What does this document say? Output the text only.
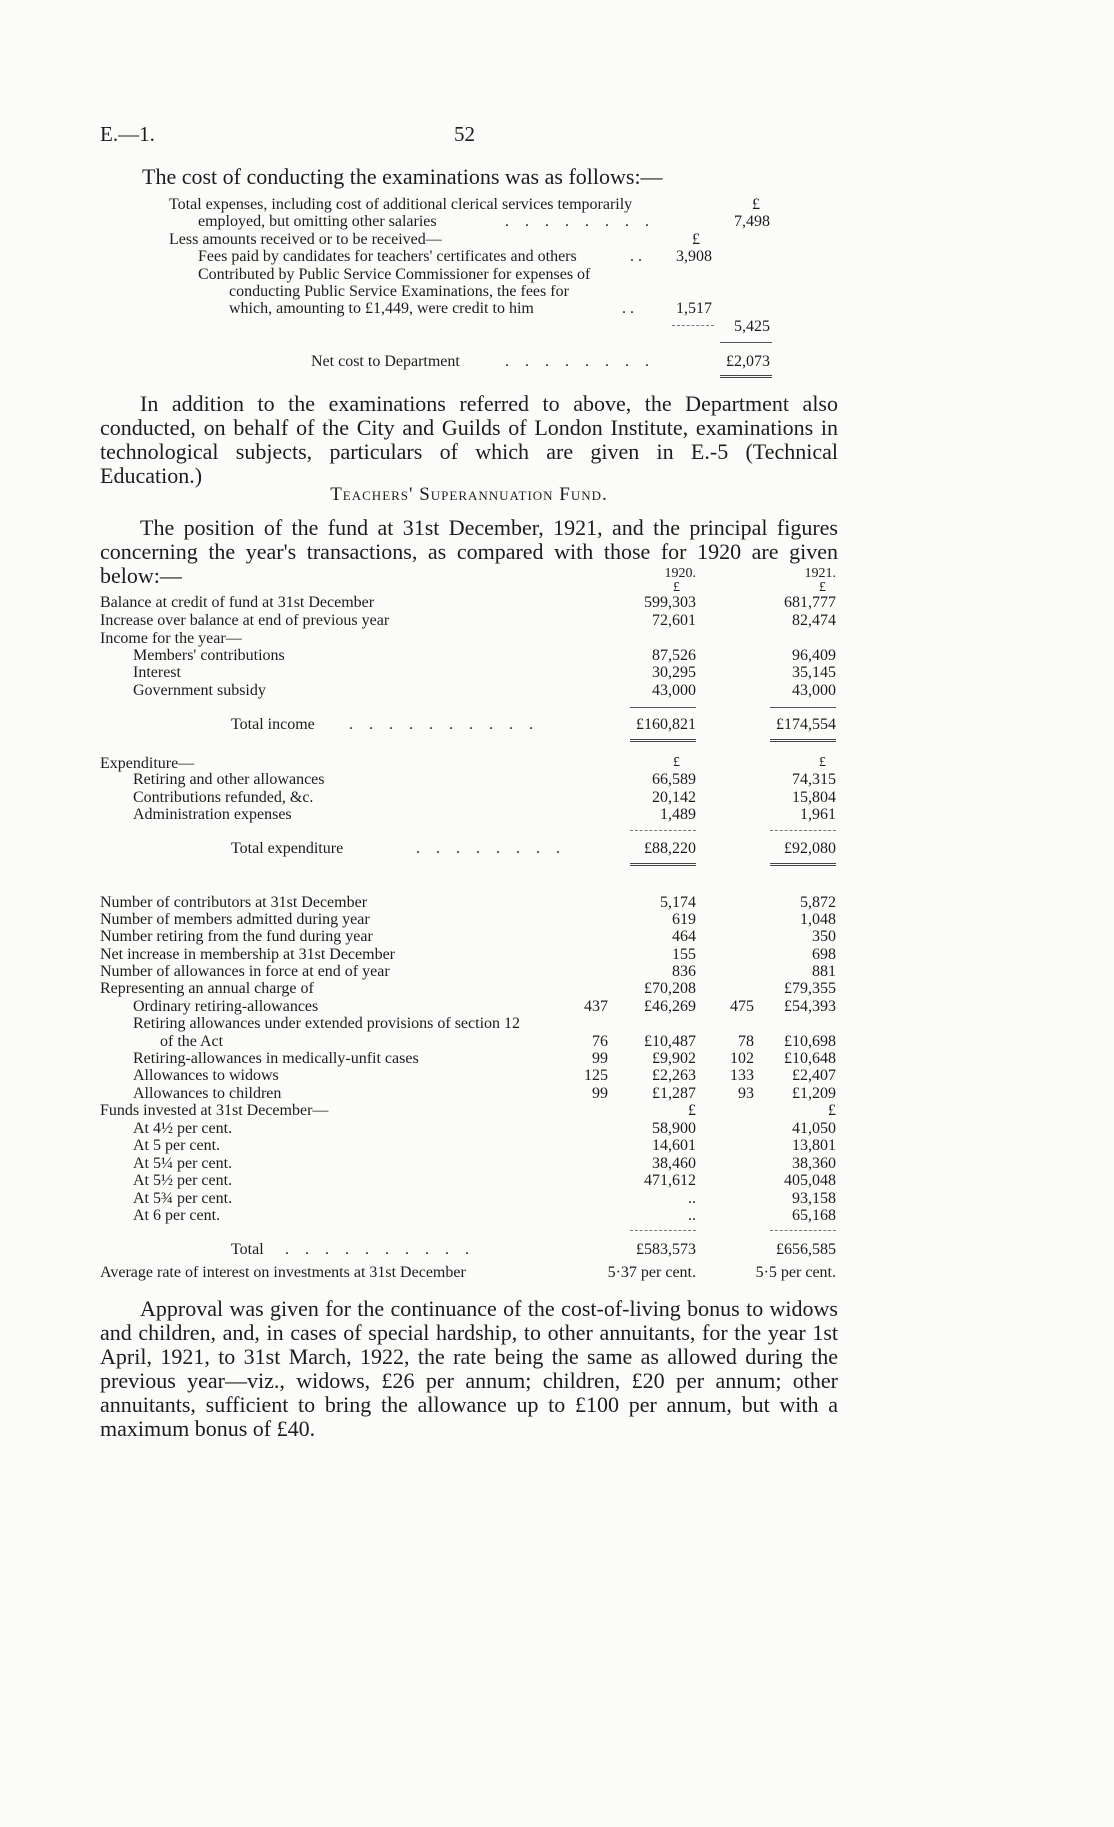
E.—1.	52
The cost of conducting the examinations was as follows:—
Total expenses, including cost of additional clerical services temporarily	£
employed, but omitting other salaries	. . . . . . . .	7,498
Less amounts received or to be received—	£
Fees paid by candidates for teachers' certificates and others	. .	3,908
Contributed by Public Service Commissioner for expenses of
conducting Public Service Examinations, the fees for
which, amounting to £1,449, were credit to him	. .	1,517
5,425
Net cost to Department	. . . . . . . .	£2,073
In addition to the examinations referred to above, the Department also conducted, on behalf of the City and Guilds of London Institute, examinations in technological subjects, particulars of which are given in E.-5 (Technical Education.)
Teachers' Superannuation Fund.
The position of the fund at 31st December, 1921, and the principal figures concerning the year's transactions, as compared with those for 1920 are given below:—	1920.	1921.
£	£
Balance at credit of fund at 31st December	599,303	681,777
Increase over balance at end of previous year	72,601	82,474
Income for the year—
Members' contributions	87,526	96,409
Interest	30,295	35,145
Government subsidy	43,000	43,000
Total income . . . . . . . . . .	£160,821	£174,554
Expenditure—	£	£
Retiring and other allowances	66,589	74,315
Contributions refunded, &c.	20,142	15,804
Administration expenses	1,489	1,961
Total expenditure	. . . . . . . .	£88,220	£92,080
Number of contributors at 31st December	5,174	5,872
Number of members admitted during year	619	1,048
Number retiring from the fund during year	464	350
Net increase in membership at 31st December	155	698
Number of allowances in force at end of year	836	881
Representing an annual charge of	£70,208	£79,355
Ordinary retiring-allowances	437	£46,269	475	£54,393
Retiring allowances under extended provisions of section 12
of the Act	76	£10,487	78	£10,698
Retiring-allowances in medically-unfit cases	99	£9,902	102	£10,648
Allowances to widows	125	£2,263	133	£2,407
Allowances to children	99	£1,287	93	£1,209
Funds invested at 31st December—	£	£
At 4½ per cent.	58,900	41,050
At 5 per cent.	14,601	13,801
At 5¼ per cent.	38,460	38,360
At 5½ per cent.	471,612	405,048
At 5¾ per cent.	..	93,158
At 6 per cent.	..	65,168
Total . . . . . . . . . .	£583,573	£656,585
Average rate of interest on investments at 31st December	5·37 per cent.	5·5 per cent.
Approval was given for the continuance of the cost-of-living bonus to widows and children, and, in cases of special hardship, to other annuitants, for the year 1st April, 1921, to 31st March, 1922, the rate being the same as allowed during the previous year—viz., widows, £26 per annum; children, £20 per annum; other annuitants, sufficient to bring the allowance up to £100 per annum, but with a maximum bonus of £40.
